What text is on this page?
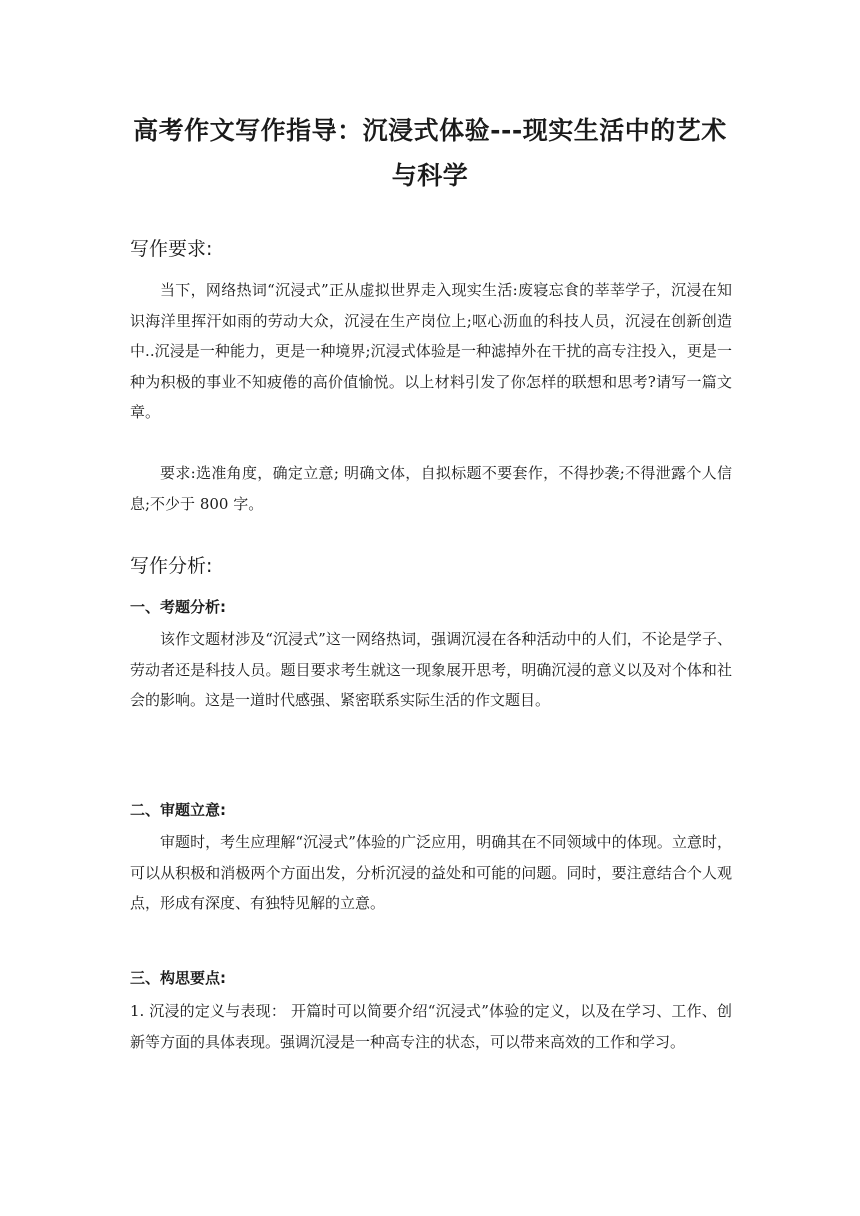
高考作文写作指导：沉浸式体验---现实生活中的艺术与科学
写作要求:

当下，网络热词“沉浸式”正从虚拟世界走入现实生活:废寝忘食的莘莘学子，沉浸在知识海洋里挥汗如雨的劳动大众，沉浸在生产岗位上;呕心沥血的科技人员，沉浸在创新创造中..沉浸是一种能力，更是一种境界;沉浸式体验是一种滤掉外在干扰的高专注投入，更是一种为积极的事业不知疲倦的高价值愉悦。以上材料引发了你怎样的联想和思考?请写一篇文章。

要求:选准角度，确定立意; 明确文体，自拟标题不要套作，不得抄袭;不得泄露个人信息;不少于 800 字。

写作分析:
一、考题分析:

该作文题材涉及“沉浸式”这一网络热词，强调沉浸在各种活动中的人们，不论是学子、劳动者还是科技人员。题目要求考生就这一现象展开思考，明确沉浸的意义以及对个体和社会的影响。这是一道时代感强、紧密联系实际生活的作文题目。

二、审题立意:

审题时，考生应理解“沉浸式”体验的广泛应用，明确其在不同领域中的体现。立意时，可以从积极和消极两个方面出发，分析沉浸的益处和可能的问题。同时，要注意结合个人观点，形成有深度、有独特见解的立意。

三、构思要点:

1. 沉浸的定义与表现： 开篇时可以简要介绍“沉浸式”体验的定义，以及在学习、工作、创新等方面的具体表现。强调沉浸是一种高专注的状态，可以带来高效的工作和学习。
